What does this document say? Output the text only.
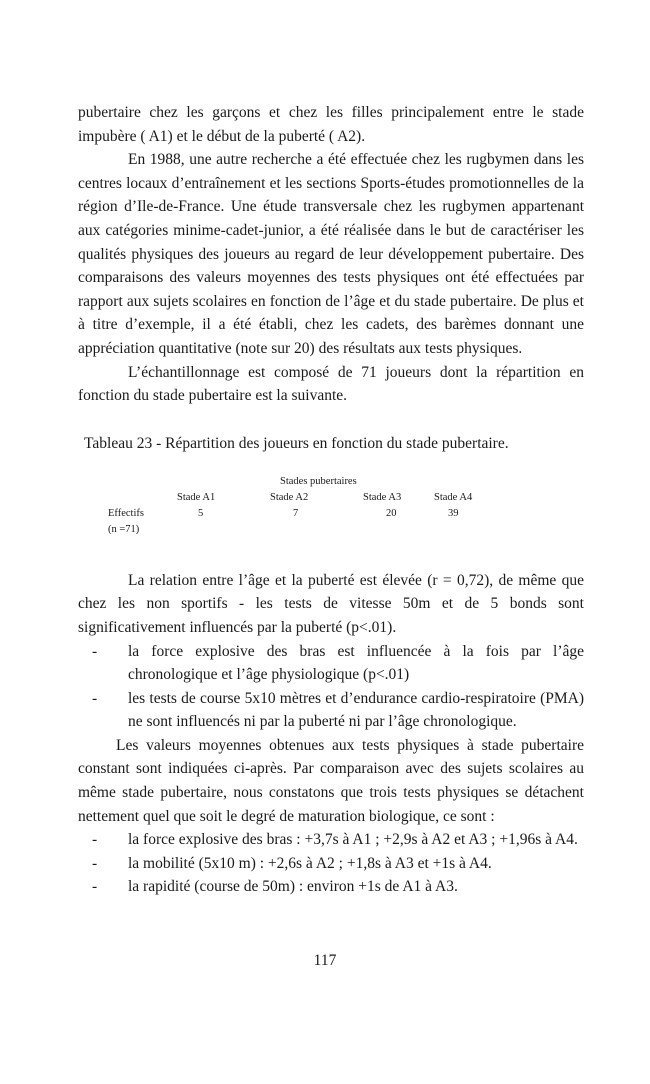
pubertaire chez les garçons et chez les filles principalement entre le stade impubère ( A1) et le début de la puberté ( A2).

En 1988, une autre recherche a été effectuée chez les rugbymen dans les centres locaux d’entraînement et les sections Sports-études promotionnelles de la région d’Ile-de-France. Une étude transversale chez les rugbymen appartenant aux catégories minime-cadet-junior, a été réalisée dans le but de caractériser les qualités physiques des joueurs au regard de leur développement pubertaire. Des comparaisons des valeurs moyennes des tests physiques ont été effectuées par rapport aux sujets scolaires en fonction de l’âge et du stade pubertaire. De plus et à titre d’exemple, il a été établi, chez les cadets, des barèmes donnant une appréciation quantitative (note sur 20) des résultats aux tests physiques.

L’échantillonnage est composé de 71 joueurs dont la répartition en fonction du stade pubertaire est la suivante.

Tableau 23 - Répartition des joueurs en fonction du stade pubertaire.

Stades pubertaires
Stade A1	Stade A2	Stade A3	Stade A4
Effectifs	5	7	20	39
(n =71)

La relation entre l’âge et la puberté est élevée (r = 0,72), de même que chez les non sportifs - les tests de vitesse 50m et de 5 bonds sont significativement influencés par la puberté (p<.01).

- la force explosive des bras est influencée à la fois par l’âge chronologique et l’âge physiologique (p<.01)
- les tests de course 5x10 mètres et d’endurance cardio-respiratoire (PMA) ne sont influencés ni par la puberté ni par l’âge chronologique.

Les valeurs moyennes obtenues aux tests physiques à stade pubertaire constant sont indiquées ci-après. Par comparaison avec des sujets scolaires au même stade pubertaire, nous constatons que trois tests physiques se détachent nettement quel que soit le degré de maturation biologique, ce sont :

- la force explosive des bras : +3,7s à A1 ; +2,9s à A2 et A3 ; +1,96s à A4.
- la mobilité (5x10 m) : +2,6s à A2 ; +1,8s à A3 et +1s à A4.
- la rapidité (course de 50m) : environ +1s de A1 à A3.
117
